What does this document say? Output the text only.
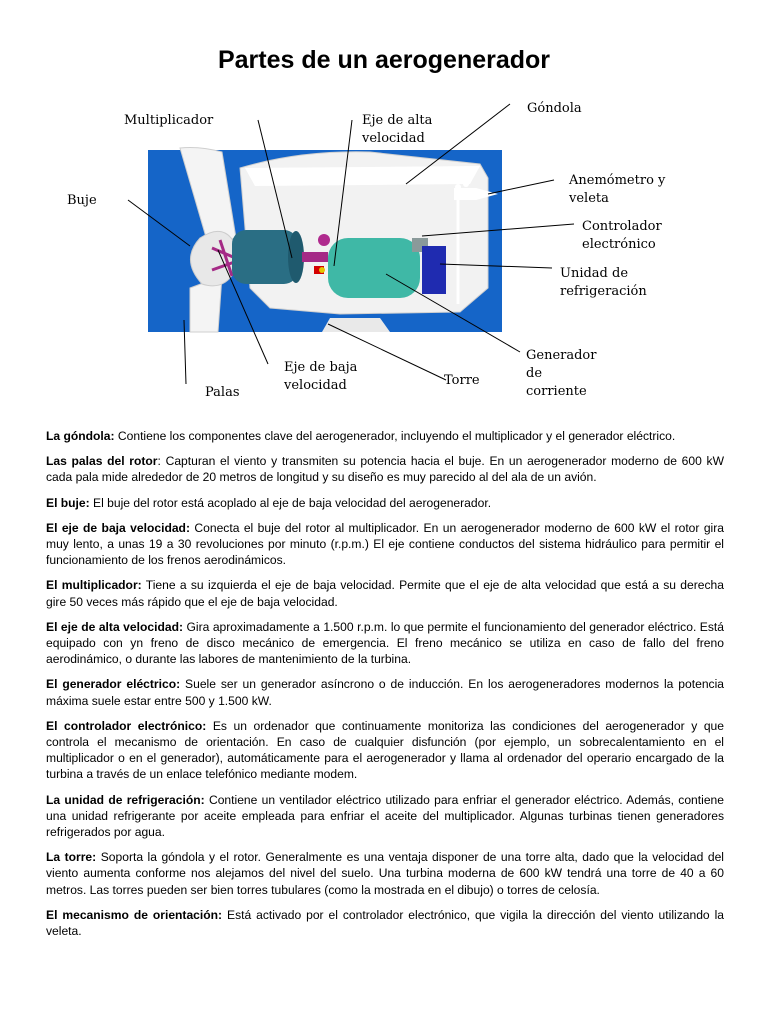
Partes de un aerogenerador
Multiplicador	Eje de alta
velocidad
Góndola
Buje
Anemómetro y
veleta
Controlador
electrónico
Unidad de
refrigeración
Generador
de
corriente
Eje de baja
velocidad	Torre
Palas

La góndola: Contiene los componentes clave del aerogenerador, incluyendo el multiplicador y el generador eléctrico.

Las palas del rotor: Capturan el viento y transmiten su potencia hacia el buje. En un aerogenerador moderno de 600 kW cada pala mide alrededor de 20 metros de longitud y su diseño es muy parecido al del ala de un avión.

El buje: El buje del rotor está acoplado al eje de baja velocidad del aerogenerador.

El eje de baja velocidad: Conecta el buje del rotor al multiplicador. En un aerogenerador moderno de 600 kW el rotor gira muy lento, a unas 19 a 30 revoluciones por minuto (r.p.m.) El eje contiene conductos del sistema hidráulico para permitir el funcionamiento de los frenos aerodinámicos.

El multiplicador: Tiene a su izquierda el eje de baja velocidad. Permite que el eje de alta velocidad que está a su derecha gire 50 veces más rápido que el eje de baja velocidad.

El eje de alta velocidad: Gira aproximadamente a 1.500 r.p.m. lo que permite el funcionamiento del generador eléctrico. Está equipado con yn freno de disco mecánico de emergencia. El freno mecánico se utiliza en caso de fallo del freno aerodinámico, o durante las labores de mantenimiento de la turbina.

El generador eléctrico: Suele ser un generador asíncrono o de inducción. En los aerogeneradores modernos la potencia máxima suele estar entre 500 y 1.500 kW.

El controlador electrónico: Es un ordenador que continuamente monitoriza las condiciones del aerogenerador y que controla el mecanismo de orientación. En caso de cualquier disfunción (por ejemplo, un sobrecalentamiento en el multiplicador o en el generador), automáticamente para el aerogenerador y llama al ordenador del operario encargado de la turbina a través de un enlace telefónico mediante modem.

La unidad de refrigeración: Contiene un ventilador eléctrico utilizado para enfriar el generador eléctrico. Además, contiene una unidad refrigerante por aceite empleada para enfriar el aceite del multiplicador. Algunas turbinas tienen generadores refrigerados por agua.

La torre: Soporta la góndola y el rotor. Generalmente es una ventaja disponer de una torre alta, dado que la velocidad del viento aumenta conforme nos alejamos del nivel del suelo. Una turbina moderna de 600 kW tendrá una torre de 40 a 60 metros. Las torres pueden ser bien torres tubulares (como la mostrada en el dibujo) o torres de celosía.

El mecanismo de orientación: Está activado por el controlador electrónico, que vigila la dirección del viento utilizando la veleta.
